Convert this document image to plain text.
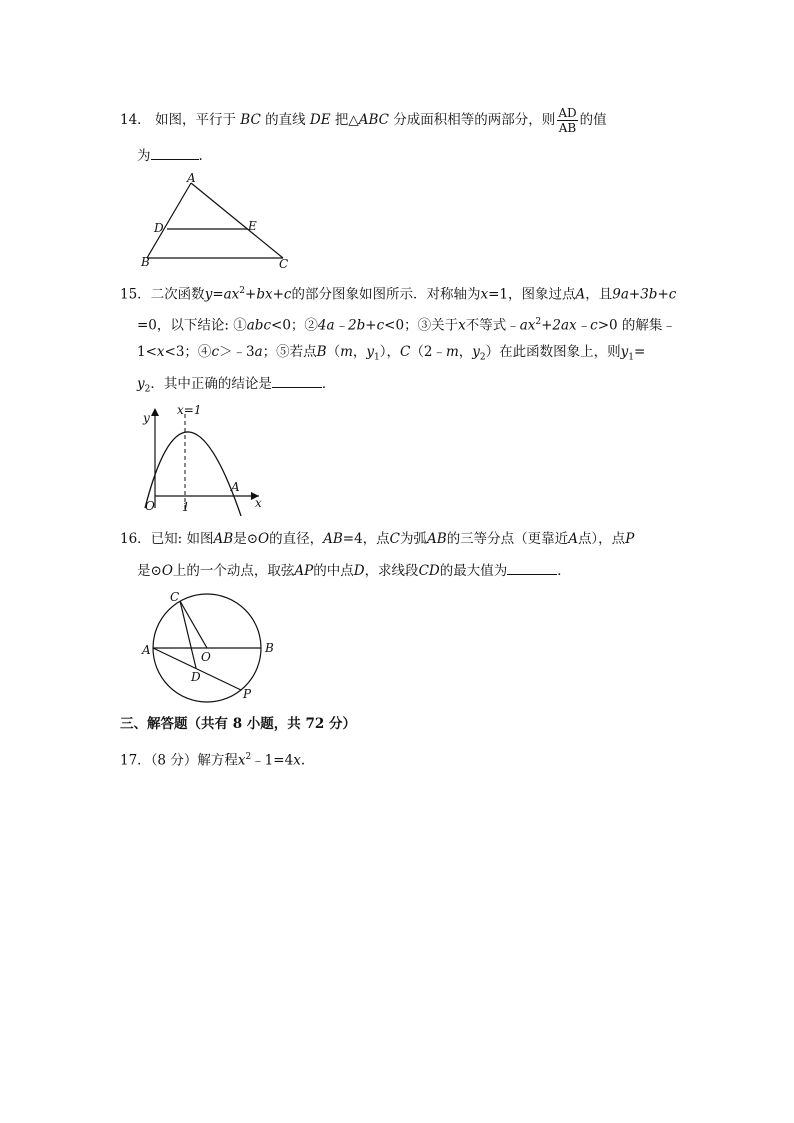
14． 如图，平行于 BC 的直线 DE 把△ABC 分成面积相等的两部分，则 $\frac{AD}{AB}$ 的值
为	.
A
D	E
B	C
15．二次函数$y=ax^2+bx+c$的部分图象如图所示．对称轴为x=1，图象过点A，且9a+3b+c
=0，以下结论: ①abc<0；②4a﹣2b+c<0；③关于x不等式$﹣ax^2+2ax﹣c>0$ 的解集﹣
1<x<3；④c＞﹣3a；⑤若点B（m，$y_1$），C（2﹣m，$y_2$）在此函数图象上，则$y_1=$
$y_2$．其中正确的结论是	．
y
x=1
O 1
A
x
16．已知: 如图AB是⊙O的直径，AB=4，点C为弧AB的三等分点（更靠近A点），点P
是⊙O上的一个动点，取弦AP的中点D，求线段CD的最大值为	．
C
A	B
O
D
P
三、解答题（共有 8 小题，共 72 分）
17．（8 分）解方程$x^2﹣1=4x$.
